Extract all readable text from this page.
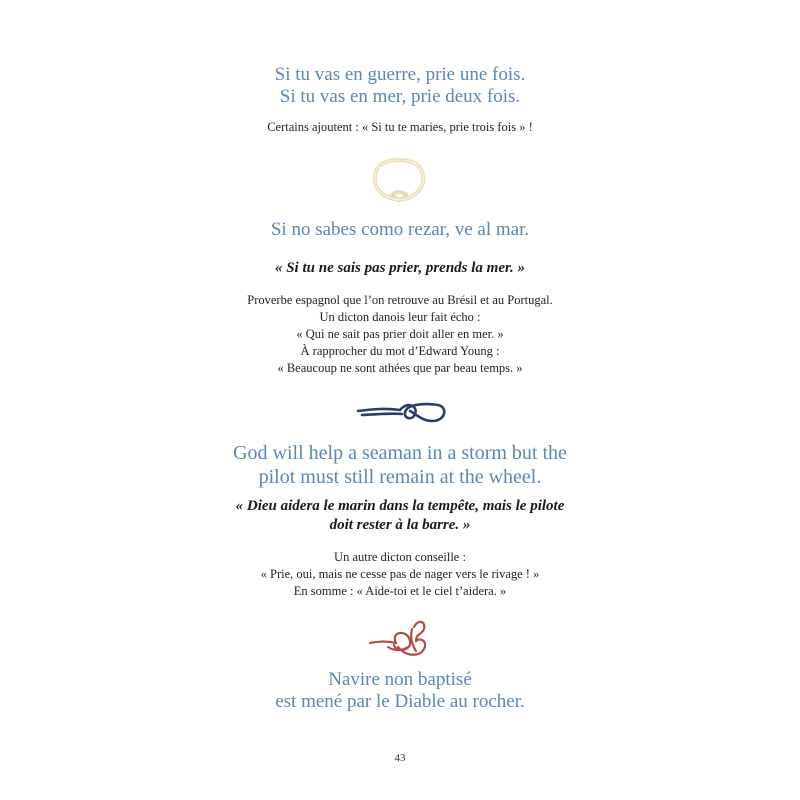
Si tu vas en guerre, prie une fois.
Si tu vas en mer, prie deux fois.
Certains ajoutent : « Si tu te maries, prie trois fois » !
Si no sabes como rezar, ve al mar.
« Si tu ne sais pas prier, prends la mer. »
Proverbe espagnol que l’on retrouve au Brésil et au Portugal.
Un dicton danois leur fait écho :
« Qui ne sait pas prier doit aller en mer. »
À rapprocher du mot d’Edward Young :
« Beaucoup ne sont athées que par beau temps. »
God will help a seaman in a storm but the
pilot must still remain at the wheel.
« Dieu aidera le marin dans la tempête, mais le pilote
doit rester à la barre. »
Un autre dicton conseille :
« Prie, oui, mais ne cesse pas de nager vers le rivage ! »
En somme : « Aide-toi et le ciel t’aidera. »
Navire non baptisé
est mené par le Diable au rocher.
43
